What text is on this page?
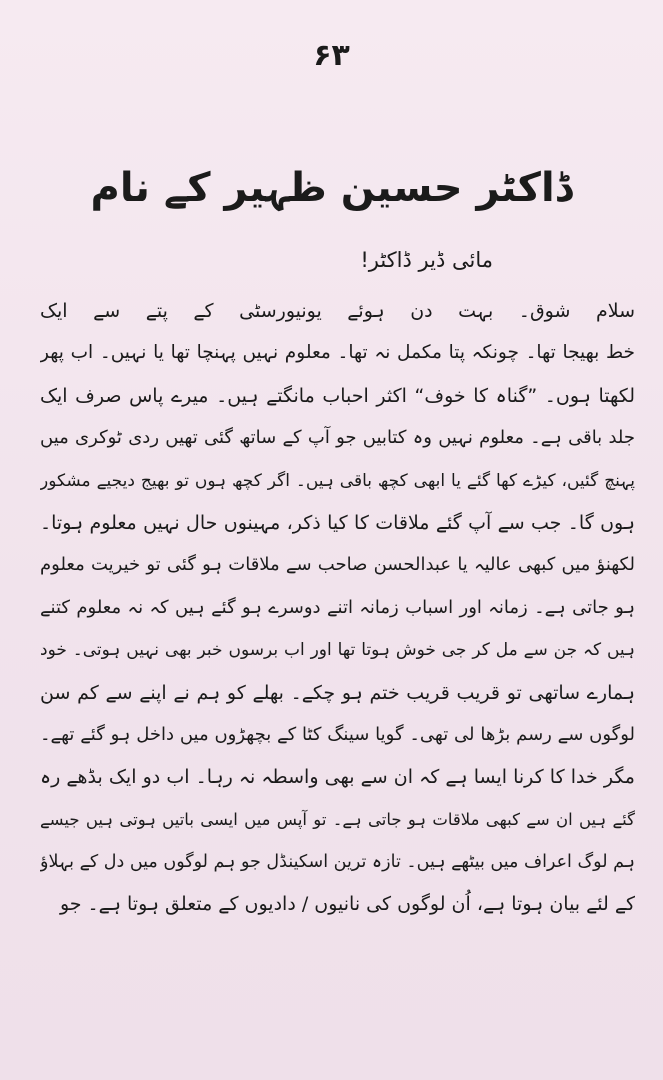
۶۳
ڈاکٹر حسین ظہیر کے نام
مائی ڈیر ڈاکٹر!
سلام شوق۔ بہت دن ہوئے یونیورسٹی کے پتے سے ایک
خط بھیجا تھا۔ چونکہ پتا مکمل نہ تھا۔ معلوم نہیں پہنچا تھا یا نہیں۔ اب پھر
لکھتا ہوں۔ ”گناہ کا خوف“ اکثر احباب مانگتے ہیں۔ میرے پاس صرف ایک
جلد باقی ہے۔ معلوم نہیں وہ کتابیں جو آپ کے ساتھ گئی تھیں ردی ٹوکری میں
پہنچ گئیں، کیڑے کھا گئے یا ابھی کچھ باقی ہیں۔ اگر کچھ ہوں تو بھیج دیجیے مشکور
ہوں گا۔ جب سے آپ گئے ملاقات کا کیا ذکر، مہینوں حال نہیں معلوم ہوتا۔
لکھنؤ میں کبھی عالیہ یا عبدالحسن صاحب سے ملاقات ہو گئی تو خیریت معلوم
ہو جاتی ہے۔ زمانہ اور اسباب زمانہ اتنے دوسرے ہو گئے ہیں کہ نہ معلوم کتنے
ہیں کہ جن سے مل کر جی خوش ہوتا تھا اور اب برسوں خبر بھی نہیں ہوتی۔ خود
ہمارے ساتھی تو قریب قریب ختم ہو چکے۔ بھلے کو ہم نے اپنے سے کم سن
لوگوں سے رسم بڑھا لی تھی۔ گویا سینگ کٹا کے بچھڑوں میں داخل ہو گئے تھے۔
مگر خدا کا کرنا ایسا ہے کہ ان سے بھی واسطہ نہ رہا۔ اب دو ایک بڈھے رہ
گئے ہیں ان سے کبھی ملاقات ہو جاتی ہے۔ تو آپس میں ایسی باتیں ہوتی ہیں جیسے
ہم لوگ اعراف میں بیٹھے ہیں۔ تازہ ترین اسکینڈل جو ہم لوگوں میں دل کے بہلاؤ
کے لئے بیان ہوتا ہے، اُن لوگوں کی نانیوں / دادیوں کے متعلق ہوتا ہے۔ جو
